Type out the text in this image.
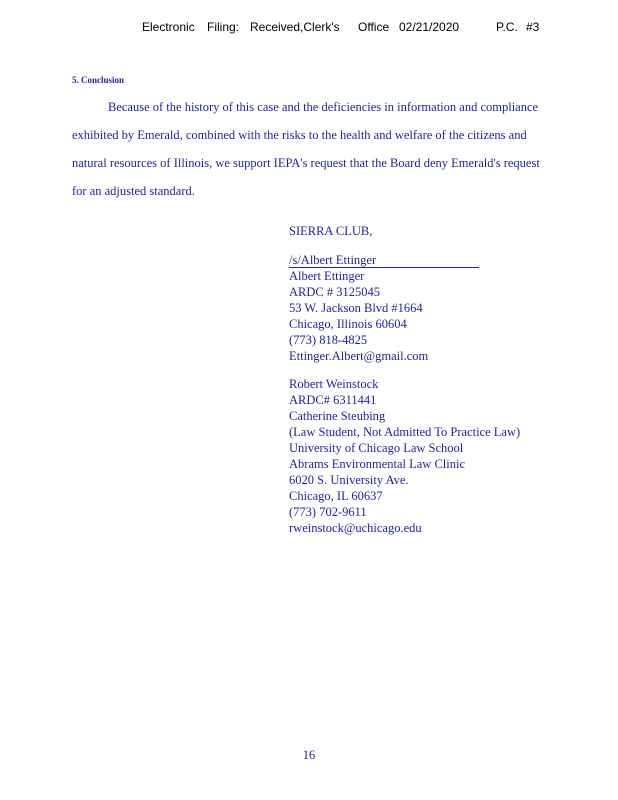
Electronic Filing: Received,Clerk's Office 02/21/2020	P.C. #3
5. Conclusion
Because of the history of this case and the deficiencies in information and compliance
exhibited by Emerald, combined with the risks to the health and welfare of the citizens and
natural resources of Illinois, we support IEPA's request that the Board deny Emerald's request
for an adjusted standard.
SIERRA CLUB,
/s/Albert Ettinger
Albert Ettinger
ARDC # 3125045
53 W. Jackson Blvd #1664
Chicago, Illinois 60604
(773) 818-4825
Ettinger.Albert@gmail.com
Robert Weinstock
ARDC# 6311441
Catherine Steubing
(Law Student, Not Admitted To Practice Law)
University of Chicago Law School
Abrams Environmental Law Clinic
6020 S. University Ave.
Chicago, IL 60637
(773) 702-9611
rweinstock@uchicago.edu
16
